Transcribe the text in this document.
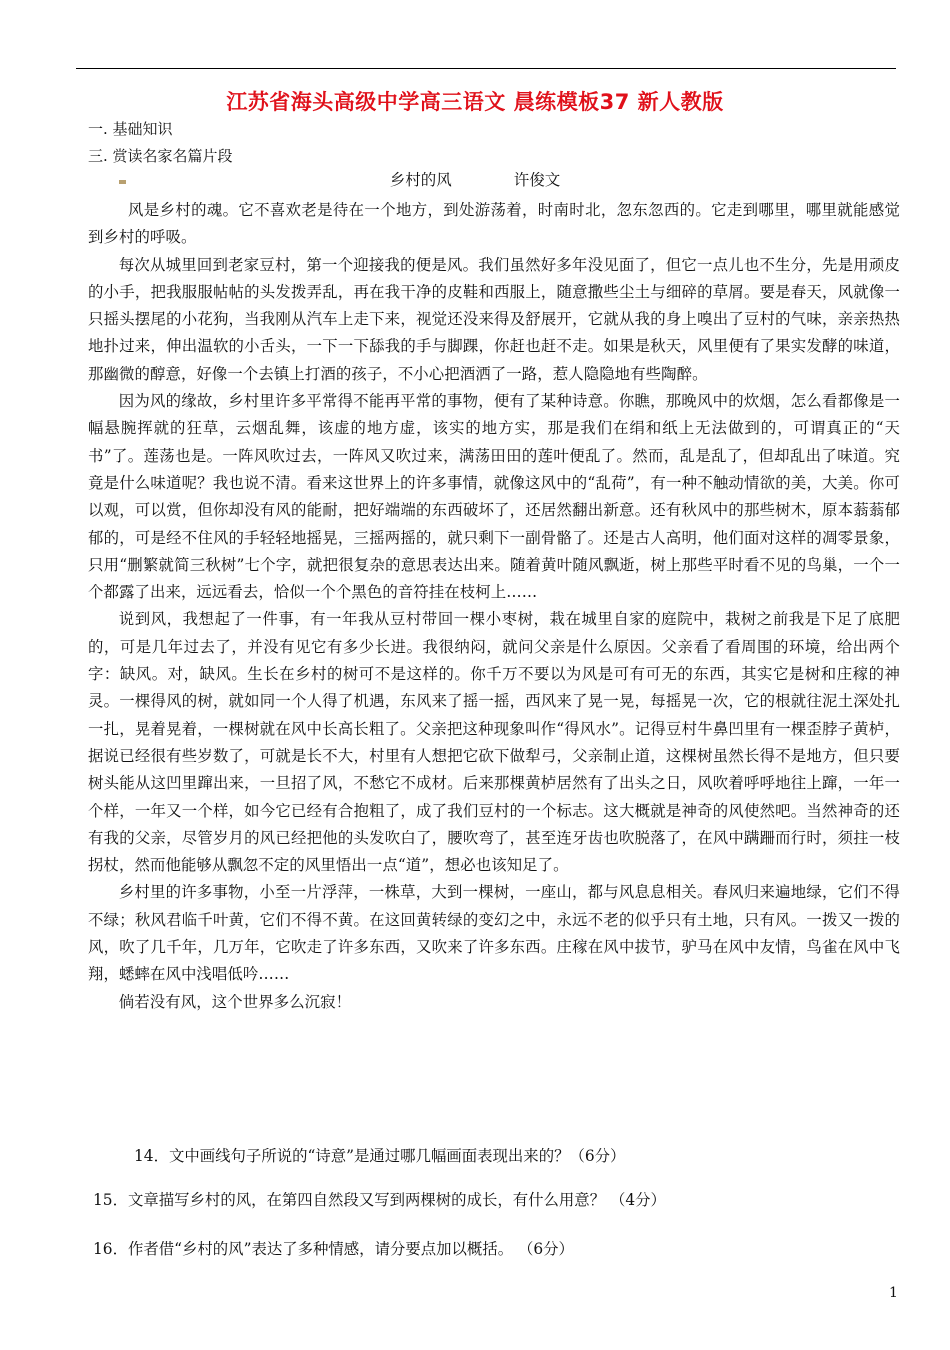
江苏省海头高级中学高三语文 晨练模板37 新人教版
一. 基础知识
三. 赏读名家名篇片段
乡村的风	许俊文

风是乡村的魂。它不喜欢老是待在一个地方，到处游荡着，时南时北，忽东忽西的。它走到哪里，哪里就能感觉到乡村的呼吸。

每次从城里回到老家豆村，第一个迎接我的便是风。我们虽然好多年没见面了，但它一点儿也不生分，先是用顽皮的小手，把我服服帖帖的头发拨弄乱，再在我干净的皮鞋和西服上，随意撒些尘土与细碎的草屑。要是春天，风就像一只摇头摆尾的小花狗，当我刚从汽车上走下来，视觉还没来得及舒展开，它就从我的身上嗅出了豆村的气味，亲亲热热地扑过来，伸出温软的小舌头，一下一下舔我的手与脚踝，你赶也赶不走。如果是秋天，风里便有了果实发酵的味道，那幽微的醇意，好像一个去镇上打酒的孩子，不小心把酒洒了一路，惹人隐隐地有些陶醉。

因为风的缘故，乡村里许多平常得不能再平常的事物，便有了某种诗意。你瞧，那晚风中的炊烟，怎么看都像是一幅悬腕挥就的狂草，云烟乱舞，该虚的地方虚，该实的地方实，那是我们在绢和纸上无法做到的，可谓真正的“天书”了。莲荡也是。一阵风吹过去，一阵风又吹过来，满荡田田的莲叶便乱了。然而，乱是乱了，但却乱出了味道。究竟是什么味道呢？我也说不清。看来这世界上的许多事情，就像这风中的“乱荷”，有一种不触动情欲的美，大美。你可以观，可以赏，但你却没有风的能耐，把好端端的东西破坏了，还居然翻出新意。还有秋风中的那些树木，原本蓊蓊郁郁的，可是经不住风的手轻轻地摇晃，三摇两摇的，就只剩下一副骨骼了。还是古人高明，他们面对这样的凋零景象，只用“删繁就简三秋树”七个字，就把很复杂的意思表达出来。随着黄叶随风飘逝，树上那些平时看不见的鸟巢，一个一个都露了出来，远远看去，恰似一个个黑色的音符挂在枝柯上……

说到风，我想起了一件事，有一年我从豆村带回一棵小枣树，栽在城里自家的庭院中，栽树之前我是下足了底肥的，可是几年过去了，并没有见它有多少长进。我很纳闷，就问父亲是什么原因。父亲看了看周围的环境，给出两个字：缺风。对，缺风。生长在乡村的树可不是这样的。你千万不要以为风是可有可无的东西，其实它是树和庄稼的神灵。一棵得风的树，就如同一个人得了机遇，东风来了摇一摇，西风来了晃一晃，每摇晃一次，它的根就往泥土深处扎一扎，晃着晃着，一棵树就在风中长高长粗了。父亲把这种现象叫作“得风水”。记得豆村牛鼻凹里有一棵歪脖子黄栌，据说已经很有些岁数了，可就是长不大，村里有人想把它砍下做犁弓，父亲制止道，这棵树虽然长得不是地方，但只要树头能从这凹里蹿出来，一旦招了风，不愁它不成材。后来那棵黄栌居然有了出头之日，风吹着呼呼地往上蹿，一年一个样，一年又一个样，如今它已经有合抱粗了，成了我们豆村的一个标志。这大概就是神奇的风使然吧。当然神奇的还有我的父亲，尽管岁月的风已经把他的头发吹白了，腰吹弯了，甚至连牙齿也吹脱落了，在风中蹒跚而行时，须拄一枝拐杖，然而他能够从飘忽不定的风里悟出一点“道”，想必也该知足了。

乡村里的许多事物，小至一片浮萍，一株草，大到一棵树，一座山，都与风息息相关。春风归来遍地绿，它们不得不绿；秋风君临千叶黄，它们不得不黄。在这回黄转绿的变幻之中，永远不老的似乎只有土地，只有风。一拨又一拨的风，吹了几千年，几万年，它吹走了许多东西，又吹来了许多东西。庄稼在风中拔节，驴马在风中友情，鸟雀在风中飞翔，蟋蟀在风中浅唱低吟……

倘若没有风，这个世界多么沉寂！

14．文中画线句子所说的“诗意”是通过哪几幅画面表现出来的？（6分）
15．文章描写乡村的风，在第四自然段又写到两棵树的成长，有什么用意？ （4分）
16．作者借“乡村的风”表达了多种情感，请分要点加以概括。 （6分）
1
